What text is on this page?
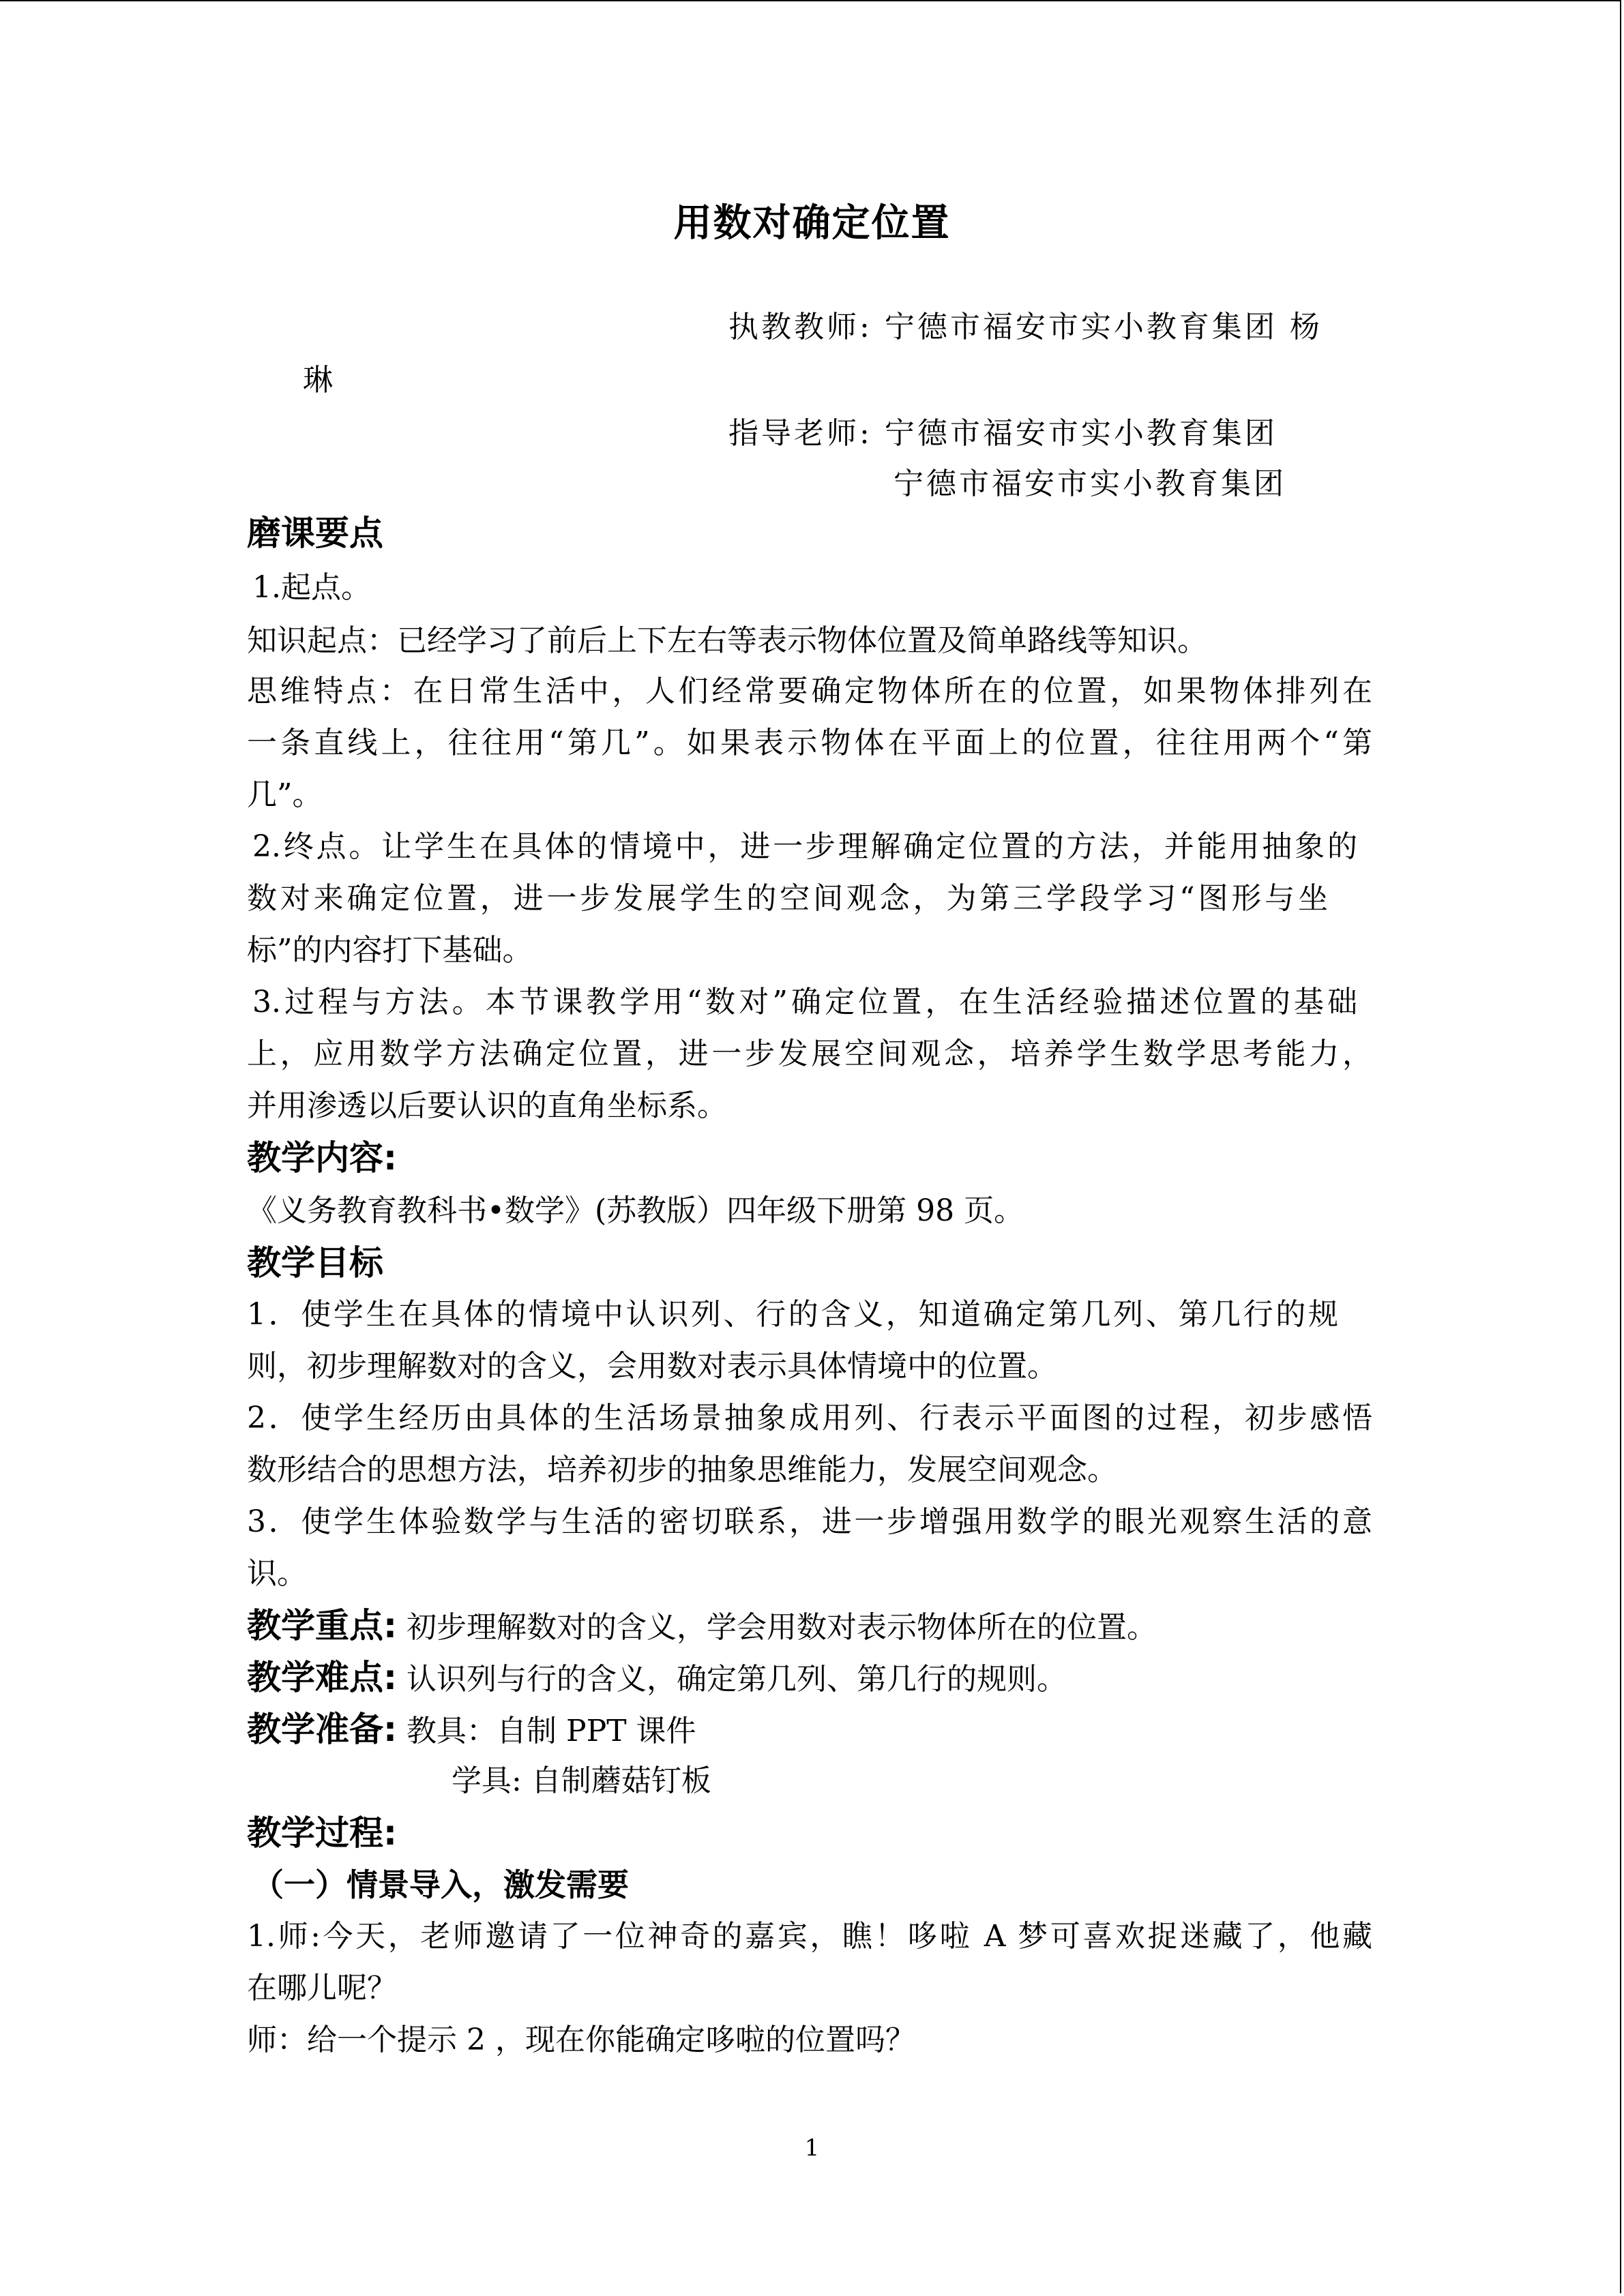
用数对确定位置
执教教师: 宁德市福安市实小教育集团 杨
琳
指导老师: 宁德市福安市实小教育集团
宁德市福安市实小教育集团
磨课要点
1.起点。
知识起点：已经学习了前后上下左右等表示物体位置及简单路线等知识。
思维特点：在日常生活中，人们经常要确定物体所在的位置，如果物体排列在
一条直线上，往往用“第几”。如果表示物体在平面上的位置，往往用两个“第
几”。
2.终点。让学生在具体的情境中，进一步理解确定位置的方法，并能用抽象的
数对来确定位置，进一步发展学生的空间观念，为第三学段学习“图形与坐
标”的内容打下基础。
3.过程与方法。本节课教学用“数对”确定位置，在生活经验描述位置的基础
上，应用数学方法确定位置，进一步发展空间观念，培养学生数学思考能力，
并用渗透以后要认识的直角坐标系。
教学内容:
《义务教育教科书•数学》(苏教版）四年级下册第 98 页。
教学目标
1．使学生在具体的情境中认识列、行的含义，知道确定第几列、第几行的规
则，初步理解数对的含义，会用数对表示具体情境中的位置。
2．使学生经历由具体的生活场景抽象成用列、行表示平面图的过程，初步感悟
数形结合的思想方法，培养初步的抽象思维能力，发展空间观念。
3．使学生体验数学与生活的密切联系，进一步增强用数学的眼光观察生活的意
识。
教学重点: 初步理解数对的含义，学会用数对表示物体所在的位置。
教学难点: 认识列与行的含义，确定第几列、第几行的规则。
教学准备: 教具：自制 PPT 课件
学具: 自制蘑菇钉板
教学过程:
（一）情景导入，激发需要
1.师:今天，老师邀请了一位神奇的嘉宾，瞧！哆啦 A 梦可喜欢捉迷藏了，他藏
在哪儿呢？
师：给一个提示 2 ，现在你能确定哆啦的位置吗？
1
